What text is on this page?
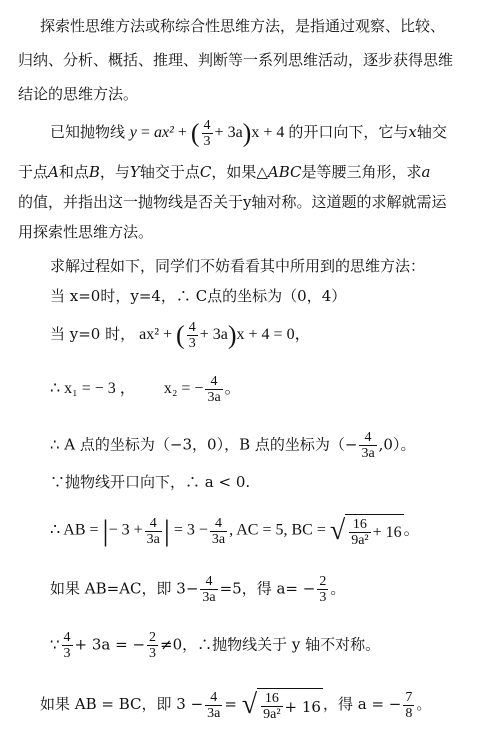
探索性思维方法或称综合性思维方法，是指通过观察、比较、
归纳、分析、概括、推理、判断等一系列思维活动，逐步获得思维
结论的思维方法。
已知抛物线 y = ax² + ( $\frac{4}{3} + 3a)x + 4$ 的开口向下，它与x轴交
于点A和点B，与Y轴交于点C，如果△ABC是等腰三角形，求a
的值，并指出这一抛物线是否关于y轴对称。这道题的求解就需运
用探索性思维方法。
求解过程如下，同学们不妨看看其中所用到的思维方法：
当 x=0时，y=4，∴ C点的坐标为（0，4）
当 y=0 时， ax² + ( $\frac{4}{3} + 3a)x + 4 = 0$，
∴ x₁ = − 3 ， x₂ = − $\frac{4}{3a}$ 。
∴ A 点的坐标为（−3，0），B 点的坐标为（− $\frac{4}{3a} ,0$）。
∵抛物线开口向下，∴ a < 0.
∴ AB = |− $3 + \frac{4}{3a}$ | = $3 - \frac{4}{3a}$ , AC = 5, BC = √ $\frac{16}{\text{9a²}} + 16$ 。
如果 AB=AC，即 $3- \frac{4}{3a} =5$，得 $a= - \frac{2}{3}$ 。
∵ $\frac{4}{3} + 3a$ = − $\frac{2}{3} \ne 0$，∴抛物线关于 y 轴不对称。
如果 AB = BC，即 $3 - \frac{4}{3a}$ = √ $\frac{16}{\text{9a²}} + 16$ ，得 a = − $\frac{7}{8}$ 。
